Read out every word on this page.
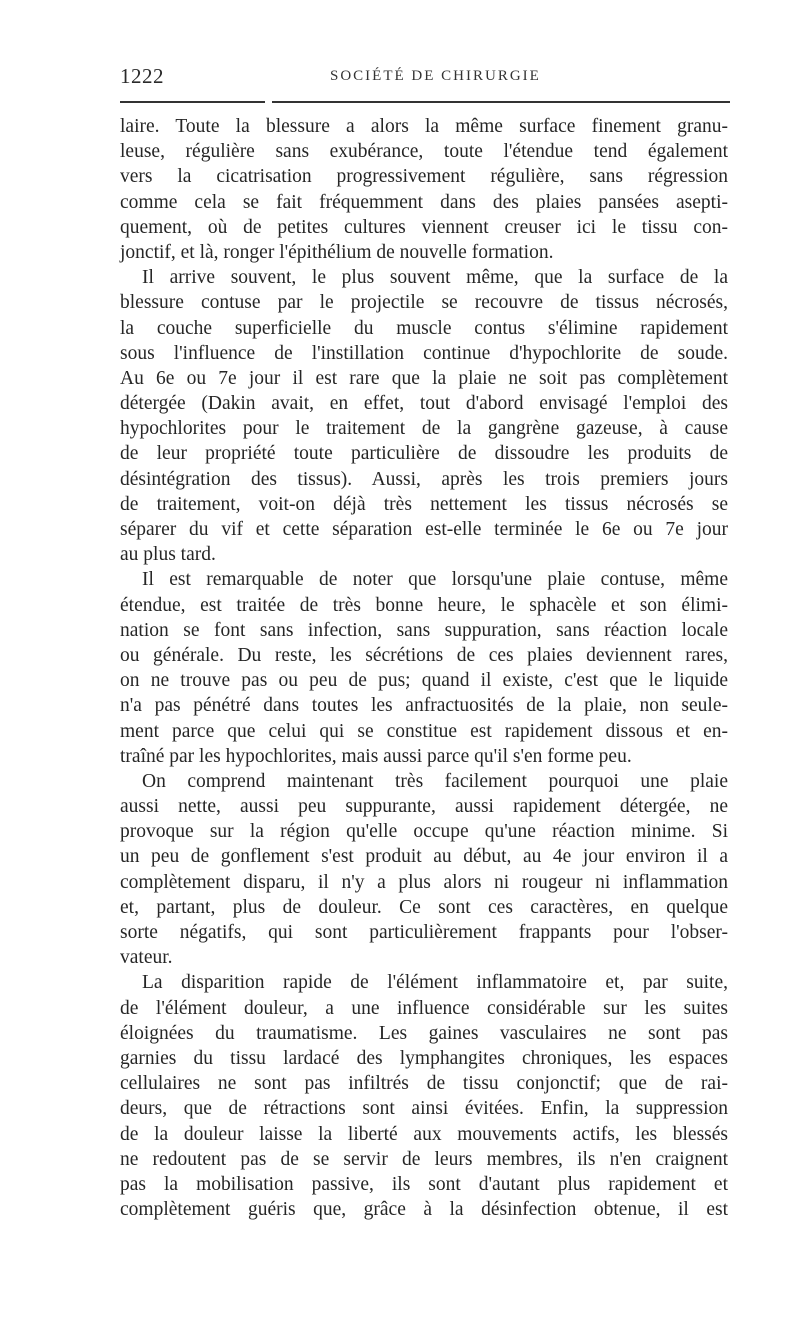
1222	SOCIÉTÉ DE CHIRURGIE
laire. Toute la blessure a alors la même surface finement granu-
leuse, régulière sans exubérance, toute l'étendue tend également
vers la cicatrisation progressivement régulière, sans régression
comme cela se fait fréquemment dans des plaies pansées asepti-
quement, où de petites cultures viennent creuser ici le tissu con-
jonctif, et là, ronger l'épithélium de nouvelle formation.
Il arrive souvent, le plus souvent même, que la surface de la
blessure contuse par le projectile se recouvre de tissus nécrosés,
la couche superficielle du muscle contus s'élimine rapidement
sous l'influence de l'instillation continue d'hypochlorite de soude.
Au 6e ou 7e jour il est rare que la plaie ne soit pas complètement
détergée (Dakin avait, en effet, tout d'abord envisagé l'emploi des
hypochlorites pour le traitement de la gangrène gazeuse, à cause
de leur propriété toute particulière de dissoudre les produits de
désintégration des tissus). Aussi, après les trois premiers jours
de traitement, voit-on déjà très nettement les tissus nécrosés se
séparer du vif et cette séparation est-elle terminée le 6e ou 7e jour
au plus tard.
Il est remarquable de noter que lorsqu'une plaie contuse, même
étendue, est traitée de très bonne heure, le sphacèle et son élimi-
nation se font sans infection, sans suppuration, sans réaction locale
ou générale. Du reste, les sécrétions de ces plaies deviennent rares,
on ne trouve pas ou peu de pus; quand il existe, c'est que le liquide
n'a pas pénétré dans toutes les anfractuosités de la plaie, non seule-
ment parce que celui qui se constitue est rapidement dissous et en-
traîné par les hypochlorites, mais aussi parce qu'il s'en forme peu.
On comprend maintenant très facilement pourquoi une plaie
aussi nette, aussi peu suppurante, aussi rapidement détergée, ne
provoque sur la région qu'elle occupe qu'une réaction minime. Si
un peu de gonflement s'est produit au début, au 4e jour environ il a
complètement disparu, il n'y a plus alors ni rougeur ni inflammation
et, partant, plus de douleur. Ce sont ces caractères, en quelque
sorte négatifs, qui sont particulièrement frappants pour l'obser-
vateur.
La disparition rapide de l'élément inflammatoire et, par suite,
de l'élément douleur, a une influence considérable sur les suites
éloignées du traumatisme. Les gaines vasculaires ne sont pas
garnies du tissu lardacé des lymphangites chroniques, les espaces
cellulaires ne sont pas infiltrés de tissu conjonctif; que de rai-
deurs, que de rétractions sont ainsi évitées. Enfin, la suppression
de la douleur laisse la liberté aux mouvements actifs, les blessés
ne redoutent pas de se servir de leurs membres, ils n'en craignent
pas la mobilisation passive, ils sont d'autant plus rapidement et
complètement guéris que, grâce à la désinfection obtenue, il est
